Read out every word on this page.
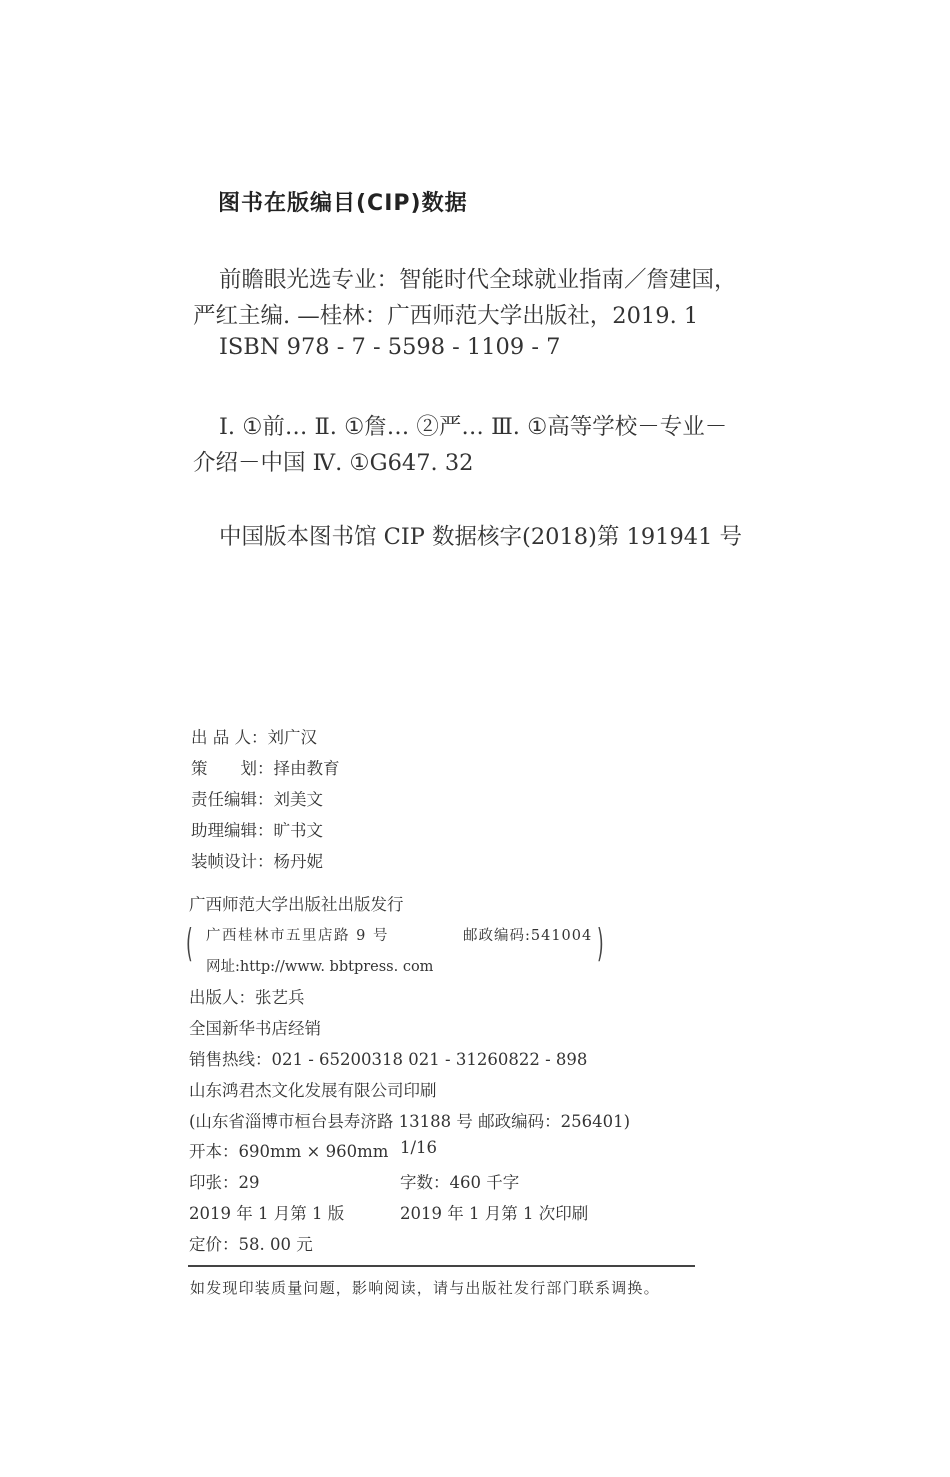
图书在版编目(CIP)数据
前瞻眼光选专业：智能时代全球就业指南／詹建国，
严红主编. —桂林：广西师范大学出版社，2019. 1
ISBN 978 - 7 - 5598 - 1109 - 7
Ⅰ. ①前… Ⅱ. ①詹… ②严… Ⅲ. ①高等学校－专业－
介绍－中国 Ⅳ. ①G647. 32
中国版本图书馆 CIP 数据核字(2018)第 191941 号
出 品 人：刘广汉
策　　划：择由教育
责任编辑：刘美文
助理编辑：旷书文
装帧设计：杨丹妮
广西师范大学出版社出版发行
( 广西桂林市五里店路 9 号	邮政编码:541004
网址:http://www. bbtpress. com
)
出版人：张艺兵
全国新华书店经销
销售热线：021 - 65200318 021 - 31260822 - 898
山东鸿君杰文化发展有限公司印刷
(山东省淄博市桓台县寿济路 13188 号 邮政编码：256401)
开本：690mm × 960mm 1/16
印张：29	字数：460 千字
2019 年 1 月第 1 版	2019 年 1 月第 1 次印刷
定价：58. 00 元
如发现印装质量问题，影响阅读，请与出版社发行部门联系调换。
